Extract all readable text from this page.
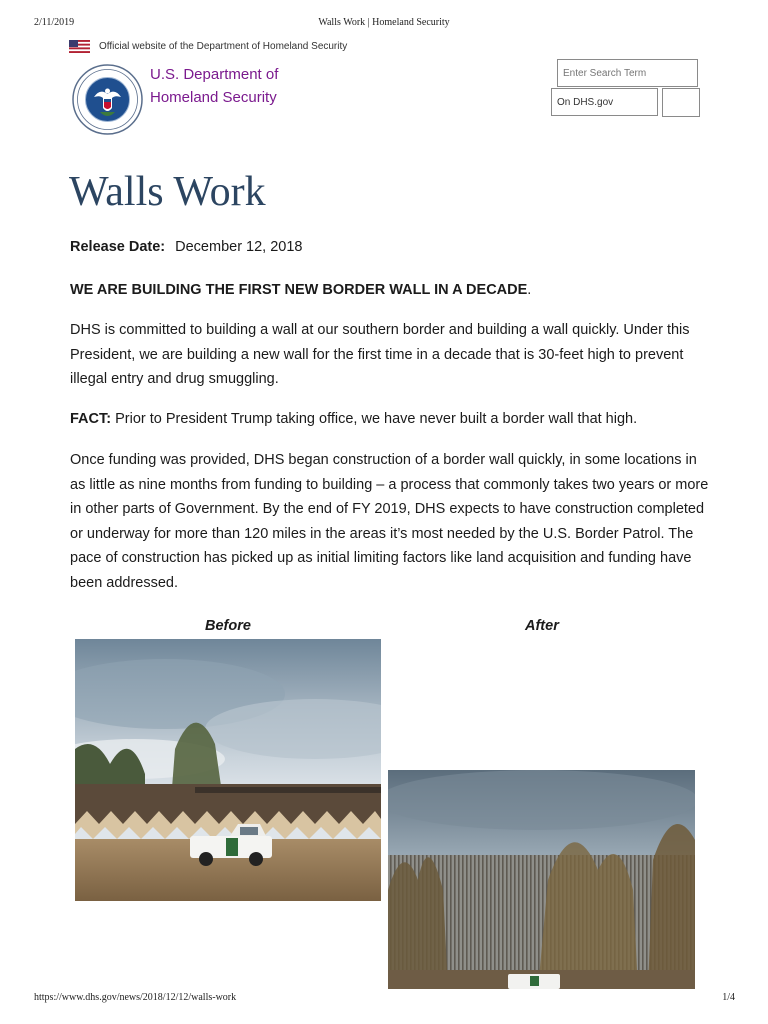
2/11/2019	Walls Work | Homeland Security
Official website of the Department of Homeland Security
U.S. Department of
Homeland Security
Enter Search Term	On DHS.gov
Walls Work
Release Date: December 12, 2018

WE ARE BUILDING THE FIRST NEW BORDER WALL IN A DECADE.

DHS is committed to building a wall at our southern border and building a wall quickly. Under this President, we are building a new wall for the first time in a decade that is 30-feet high to prevent illegal entry and drug smuggling.

FACT: Prior to President Trump taking office, we have never built a border wall that high.

Once funding was provided, DHS began construction of a border wall quickly, in some locations in as little as nine months from funding to building – a process that commonly takes two years or more in other parts of Government. By the end of FY 2019, DHS expects to have construction completed or underway for more than 120 miles in the areas it’s most needed by the U.S. Border Patrol. The pace of construction has picked up as initial limiting factors like land acquisition and funding have been addressed.

Before	After
https://www.dhs.gov/news/2018/12/12/walls-work	1/4
